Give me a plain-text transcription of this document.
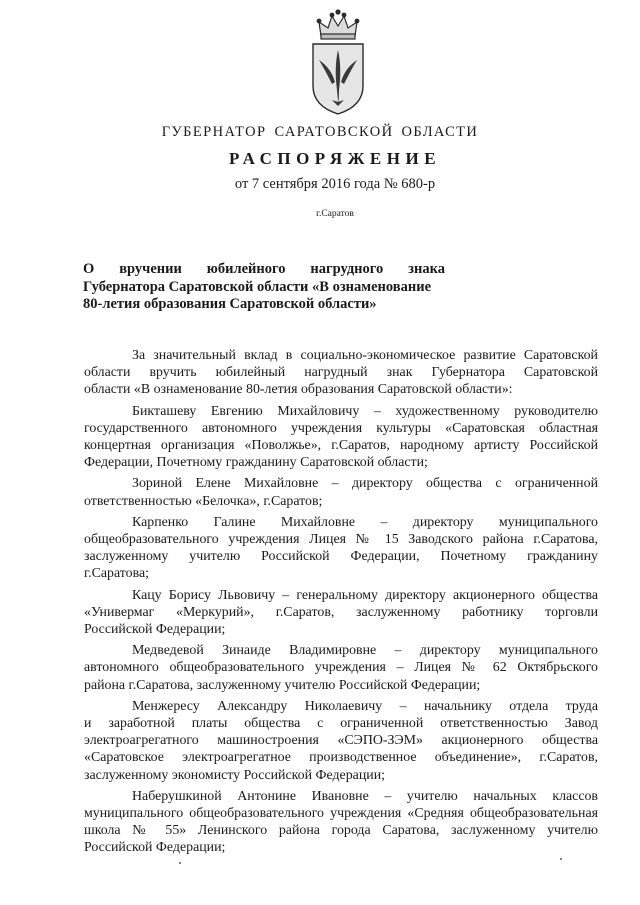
ГУБЕРНАТОР САРАТОВСКОЙ ОБЛАСТИ
РАСПОРЯЖЕНИЕ
от 7 сентября 2016 года № 680-р
г.Саратов
О вручении юбилейного нагрудного знака
Губернатора Саратовской области «В ознаменование
80-летия образования Саратовской области»
За значительный вклад в социально-экономическое развитие Саратовской
области вручить юбилейный нагрудный знак Губернатора Саратовской
области «В ознаменование 80-летия образования Саратовской области»:
Бикташеву Евгению Михайловичу – художественному руководителю
государственного автономного учреждения культуры «Саратовская областная
концертная организация «Поволжье», г.Саратов, народному артисту Российской
Федерации, Почетному гражданину Саратовской области;
Зориной Елене Михайловне – директору общества с ограниченной
ответственностью «Белочка», г.Саратов;
Карпенко Галине Михайловне – директору муниципального
общеобразовательного учреждения Лицея № 15 Заводского района г.Саратова,
заслуженному учителю Российской Федерации, Почетному гражданину
г.Саратова;
Кацу Борису Львовичу – генеральному директору акционерного общества
«Универмаг «Меркурий», г.Саратов, заслуженному работнику торговли
Российской Федерации;
Медведевой Зинаиде Владимировне – директору муниципального
автономного общеобразовательного учреждения – Лицея № 62 Октябрьского
района г.Саратова, заслуженному учителю Российской Федерации;
Менжересу Александру Николаевичу – начальнику отдела труда
и заработной платы общества с ограниченной ответственностью Завод
электроагрегатного машиностроения «СЭПО-ЗЭМ» акционерного общества
«Саратовское электроагрегатное производственное объединение», г.Саратов,
заслуженному экономисту Российской Федерации;
Наберушкиной Антонине Ивановне – учителю начальных классов
муниципального общеобразовательного учреждения «Средняя общеобразовательная
школа № 55» Ленинского района города Саратова, заслуженному учителю
Российской Федерации;
